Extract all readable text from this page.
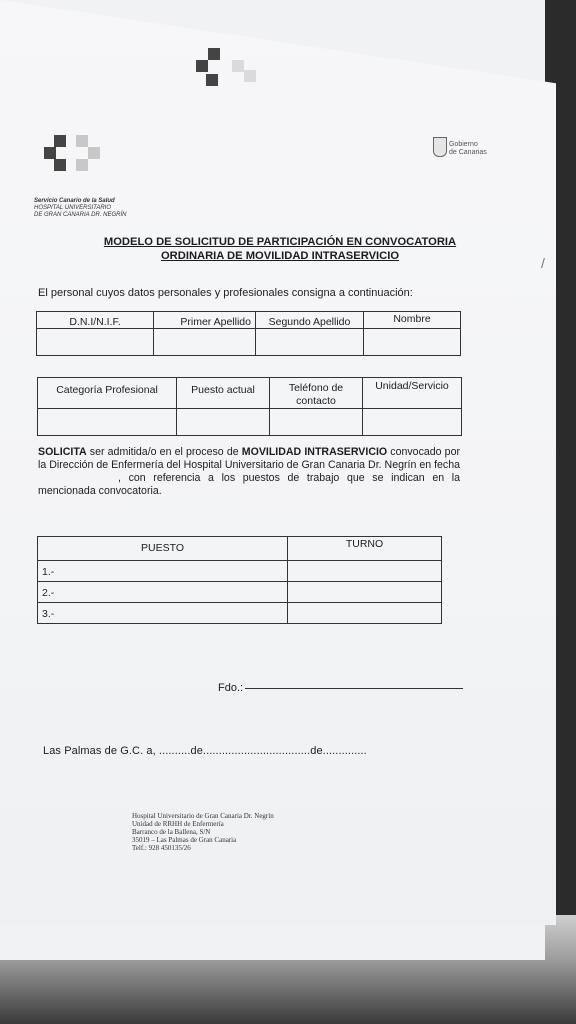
Servicio Canario de la Salud
HOSPITAL UNIVERSITARIO
DE GRAN CANARIA DR. NEGRÍN
Gobierno
de Canarias
/
MODELO DE SOLICITUD DE PARTICIPACIÓN EN CONVOCATORIA
ORDINARIA DE MOVILIDAD INTRASERVICIO
El personal cuyos datos personales y profesionales consigna a continuación:
D.N.I/N.I.F.	Primer Apellido	Segundo Apellido	Nombre

Categoría Profesional	Puesto actual	Teléfono de contacto	Unidad/Servicio

SOLICITA ser admitida/o en el proceso de MOVILIDAD INTRASERVICIO convocado por la Dirección de Enfermería del Hospital Universitario de Gran Canaria Dr. Negrín en fecha , con referencia a los puestos de trabajo que se indican en la mencionada convocatoria.
PUESTO	TURNO
1.-	
2.-	
3.-	
Fdo.:
Las Palmas de G.C. a, ..........de..................................de..............
Hospital Universitario de Gran Canaria Dr. Negrín
Unidad de RRHH de Enfermería
Barranco de la Ballena, S/N
35019 – Las Palmas de Gran Canaria
Telf.: 928 450135/26
